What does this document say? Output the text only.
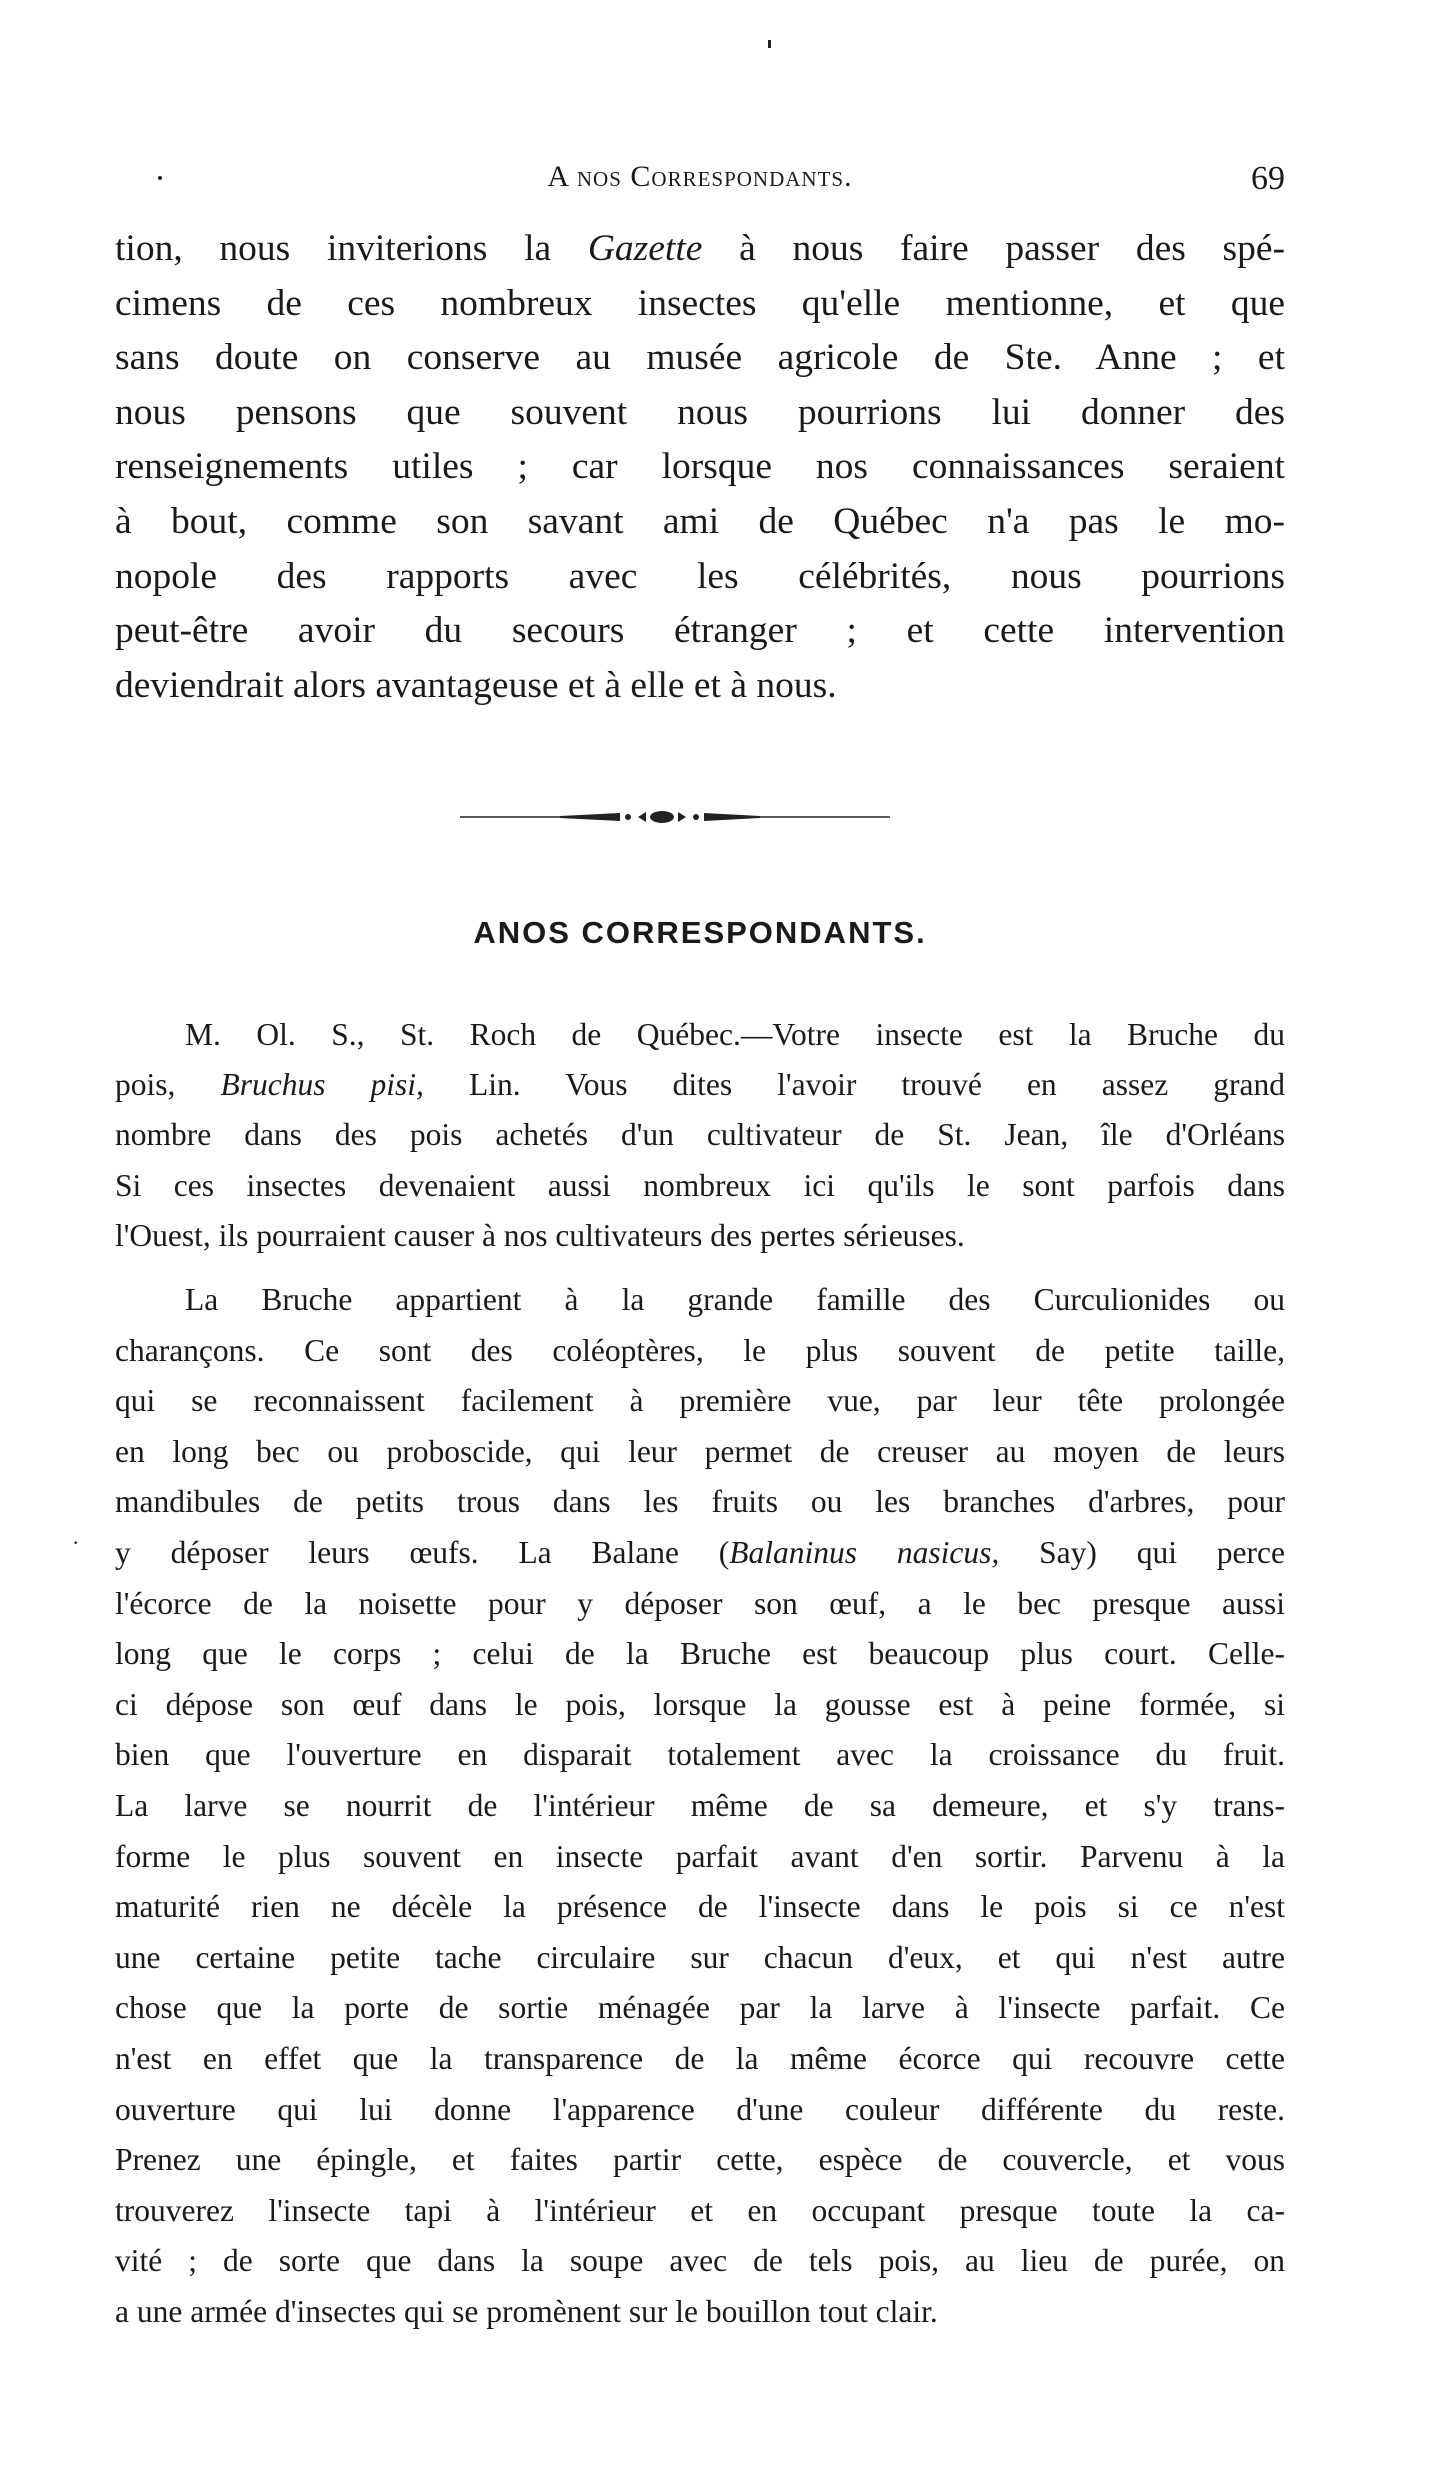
A nos Correspondants.	69
tion, nous inviterions la Gazette à nous faire passer des spé-
cimens de ces nombreux insectes qu'elle mentionne, et que
sans doute on conserve au musée agricole de Ste. Anne ; et
nous pensons que souvent nous pourrions lui donner des
renseignements utiles ; car lorsque nos connaissances seraient
à bout, comme son savant ami de Québec n'a pas le mo-
nopole des rapports avec les célébrités, nous pourrions
peut-être avoir du secours étranger ; et cette intervention
deviendrait alors avantageuse et à elle et à nous.
ANOS CORRESPONDANTS.
M. Ol. S., St. Roch de Québec.—Votre insecte est la Bruche du
pois, Bruchus pisi, Lin. Vous dites l'avoir trouvé en assez grand
nombre dans des pois achetés d'un cultivateur de St. Jean, île d'Orléans
Si ces insectes devenaient aussi nombreux ici qu'ils le sont parfois dans
l'Ouest, ils pourraient causer à nos cultivateurs des pertes sérieuses.
·
La Bruche appartient à la grande famille des Curculionides ou
charançons. Ce sont des coléoptères, le plus souvent de petite taille,
qui se reconnaissent facilement à première vue, par leur tête prolongée
en long bec ou proboscide, qui leur permet de creuser au moyen de leurs
mandibules de petits trous dans les fruits ou les branches d'arbres, pour
y déposer leurs œufs. La Balane (Balaninus nasicus, Say) qui perce
l'écorce de la noisette pour y déposer son œuf, a le bec presque aussi
long que le corps ; celui de la Bruche est beaucoup plus court. Celle-
ci dépose son œuf dans le pois, lorsque la gousse est à peine formée, si
bien que l'ouverture en disparait totalement avec la croissance du fruit.
La larve se nourrit de l'intérieur même de sa demeure, et s'y trans-
forme le plus souvent en insecte parfait avant d'en sortir. Parvenu à la
maturité rien ne décèle la présence de l'insecte dans le pois si ce n'est
une certaine petite tache circulaire sur chacun d'eux, et qui n'est autre
chose que la porte de sortie ménagée par la larve à l'insecte parfait. Ce
n'est en effet que la transparence de la même écorce qui recouvre cette
ouverture qui lui donne l'apparence d'une couleur différente du reste.
Prenez une épingle, et faites partir cette, espèce de couvercle, et vous
trouverez l'insecte tapi à l'intérieur et en occupant presque toute la ca-
vité ; de sorte que dans la soupe avec de tels pois, au lieu de purée, on
a une armée d'insectes qui se promènent sur le bouillon tout clair.
